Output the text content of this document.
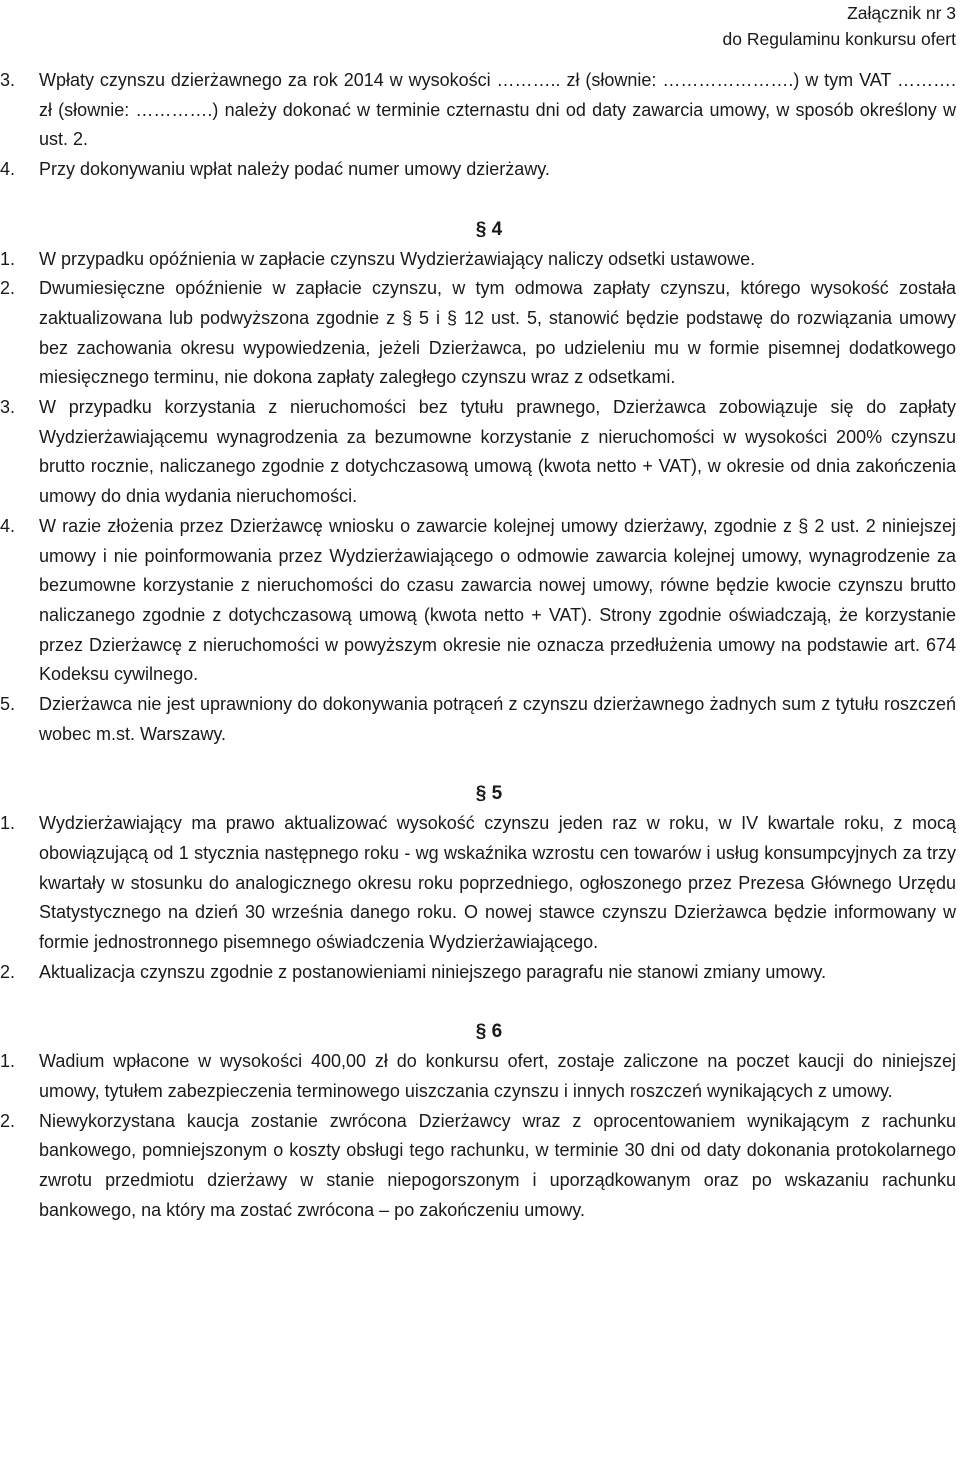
Załącznik nr 3
do Regulaminu konkursu ofert
3. Wpłaty czynszu dzierżawnego za rok 2014 w wysokości ……….. zł (słownie: ………………….) w tym VAT ………. zł (słownie: ………….) należy dokonać w terminie czternastu dni od daty zawarcia umowy, w sposób określony w ust. 2.
4. Przy dokonywaniu wpłat należy podać numer umowy dzierżawy.
§ 4
1. W przypadku opóźnienia w zapłacie czynszu Wydzierżawiający naliczy odsetki ustawowe.
2. Dwumiesięczne opóźnienie w zapłacie czynszu, w tym odmowa zapłaty czynszu, którego wysokość została zaktualizowana lub podwyższona zgodnie z § 5 i § 12 ust. 5, stanowić będzie podstawę do rozwiązania umowy bez zachowania okresu wypowiedzenia, jeżeli Dzierżawca, po udzieleniu mu w formie pisemnej dodatkowego miesięcznego terminu, nie dokona zapłaty zaległego czynszu wraz z odsetkami.
3. W przypadku korzystania z nieruchomości bez tytułu prawnego, Dzierżawca zobowiązuje się do zapłaty Wydzierżawiającemu wynagrodzenia za bezumowne korzystanie z nieruchomości w wysokości 200% czynszu brutto rocznie, naliczanego zgodnie z dotychczasową umową (kwota netto + VAT), w okresie od dnia zakończenia umowy do dnia wydania nieruchomości.
4. W razie złożenia przez Dzierżawcę wniosku o zawarcie kolejnej umowy dzierżawy, zgodnie z § 2 ust. 2 niniejszej umowy i nie poinformowania przez Wydzierżawiającego o odmowie zawarcia kolejnej umowy, wynagrodzenie za bezumowne korzystanie z nieruchomości do czasu zawarcia nowej umowy, równe będzie kwocie czynszu brutto naliczanego zgodnie z dotychczasową umową (kwota netto + VAT). Strony zgodnie oświadczają, że korzystanie przez Dzierżawcę z nieruchomości w powyższym okresie nie oznacza przedłużenia umowy na podstawie art. 674 Kodeksu cywilnego.
5. Dzierżawca nie jest uprawniony do dokonywania potrąceń z czynszu dzierżawnego żadnych sum z tytułu roszczeń wobec m.st. Warszawy.
§ 5
1. Wydzierżawiający ma prawo aktualizować wysokość czynszu jeden raz w roku, w IV kwartale roku, z mocą obowiązującą od 1 stycznia następnego roku - wg wskaźnika wzrostu cen towarów i usług konsumpcyjnych za trzy kwartały w stosunku do analogicznego okresu roku poprzedniego, ogłoszonego przez Prezesa Głównego Urzędu Statystycznego na dzień 30 września danego roku. O nowej stawce czynszu Dzierżawca będzie informowany w formie jednostronnego pisemnego oświadczenia Wydzierżawiającego.
2. Aktualizacja czynszu zgodnie z postanowieniami niniejszego paragrafu nie stanowi zmiany umowy.
§ 6
1. Wadium wpłacone w wysokości 400,00 zł do konkursu ofert, zostaje zaliczone na poczet kaucji do niniejszej umowy, tytułem zabezpieczenia terminowego uiszczania czynszu i innych roszczeń wynikających z umowy.
2. Niewykorzystana kaucja zostanie zwrócona Dzierżawcy wraz z oprocentowaniem wynikającym z rachunku bankowego, pomniejszonym o koszty obsługi tego rachunku, w terminie 30 dni od daty dokonania protokolarnego zwrotu przedmiotu dzierżawy w stanie niepogorszonym i uporządkowanym oraz po wskazaniu rachunku bankowego, na który ma zostać zwrócona – po zakończeniu umowy.
